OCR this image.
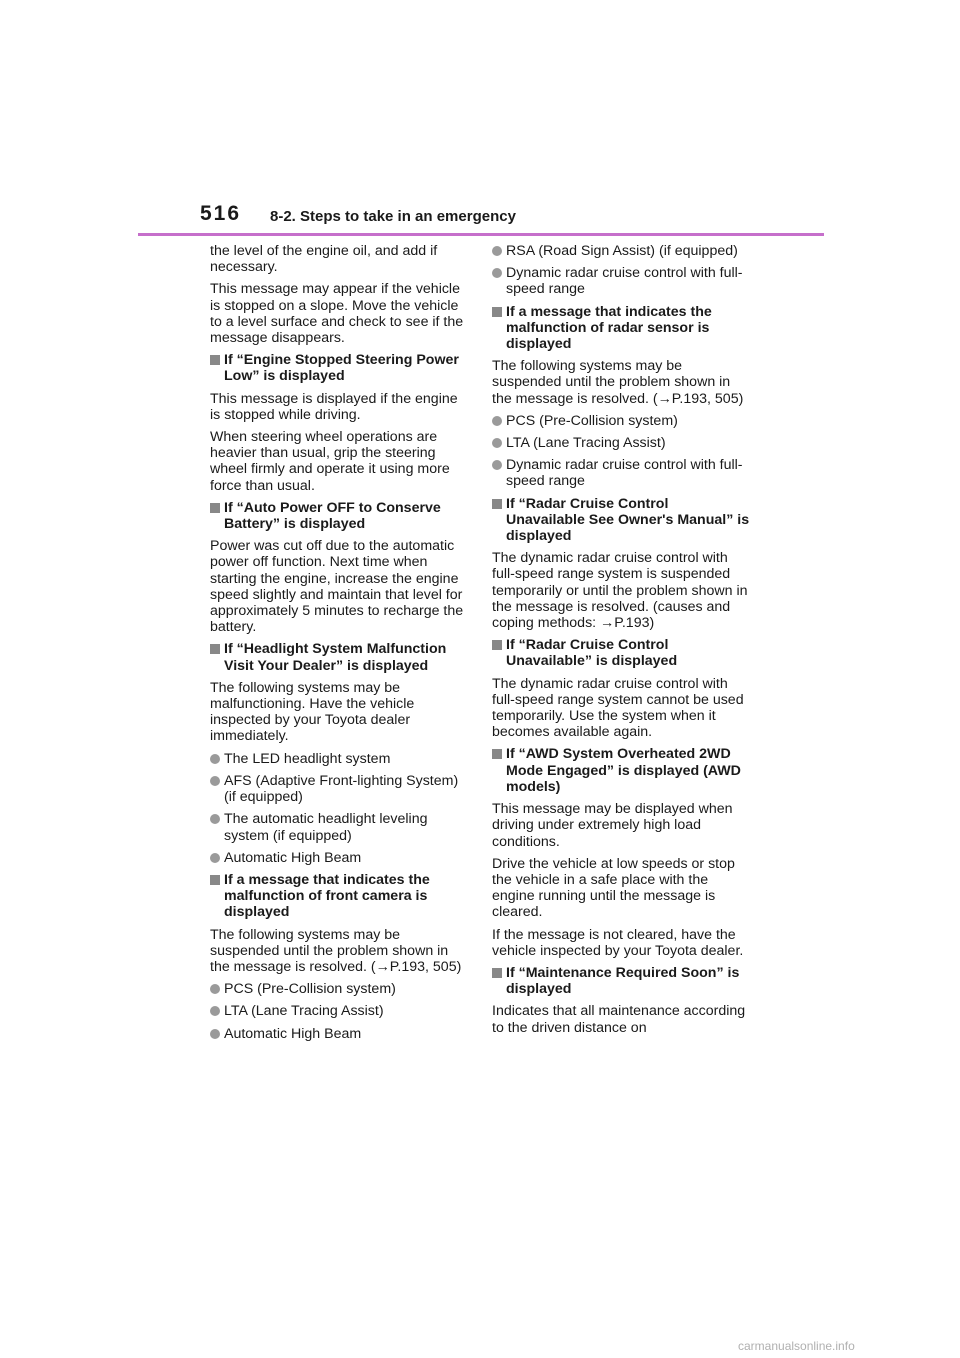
516 8-2. Steps to take in an emergency
the level of the engine oil, and add if necessary.
This message may appear if the vehicle is stopped on a slope. Move the vehicle to a level surface and check to see if the message disappears.
If “Engine Stopped Steering Power Low” is displayed
This message is displayed if the engine is stopped while driving.
When steering wheel operations are heavier than usual, grip the steering wheel firmly and operate it using more force than usual.
If “Auto Power OFF to Conserve Battery” is displayed
Power was cut off due to the automatic power off function. Next time when starting the engine, increase the engine speed slightly and maintain that level for approximately 5 minutes to recharge the battery.
If “Headlight System Malfunction Visit Your Dealer” is displayed
The following systems may be malfunctioning. Have the vehicle inspected by your Toyota dealer immediately.
The LED headlight system
AFS (Adaptive Front-lighting System) (if equipped)
The automatic headlight leveling system (if equipped)
Automatic High Beam
If a message that indicates the malfunction of front camera is displayed
The following systems may be suspended until the problem shown in the message is resolved. (→P.193, 505)
PCS (Pre-Collision system)
LTA (Lane Tracing Assist)
Automatic High Beam
RSA (Road Sign Assist) (if equipped)
Dynamic radar cruise control with full-speed range
If a message that indicates the malfunction of radar sensor is displayed
The following systems may be suspended until the problem shown in the message is resolved. (→P.193, 505)
PCS (Pre-Collision system)
LTA (Lane Tracing Assist)
Dynamic radar cruise control with full-speed range
If “Radar Cruise Control Unavailable See Owner's Manual” is displayed
The dynamic radar cruise control with full-speed range system is suspended temporarily or until the problem shown in the message is resolved. (causes and coping methods: →P.193)
If “Radar Cruise Control Unavailable” is displayed
The dynamic radar cruise control with full-speed range system cannot be used temporarily. Use the system when it becomes available again.
If “AWD System Overheated 2WD Mode Engaged” is displayed (AWD models)
This message may be displayed when driving under extremely high load conditions.
Drive the vehicle at low speeds or stop the vehicle in a safe place with the engine running until the message is cleared.
If the message is not cleared, have the vehicle inspected by your Toyota dealer.
If “Maintenance Required Soon” is displayed
Indicates that all maintenance according to the driven distance on
carmanualsonline.info
